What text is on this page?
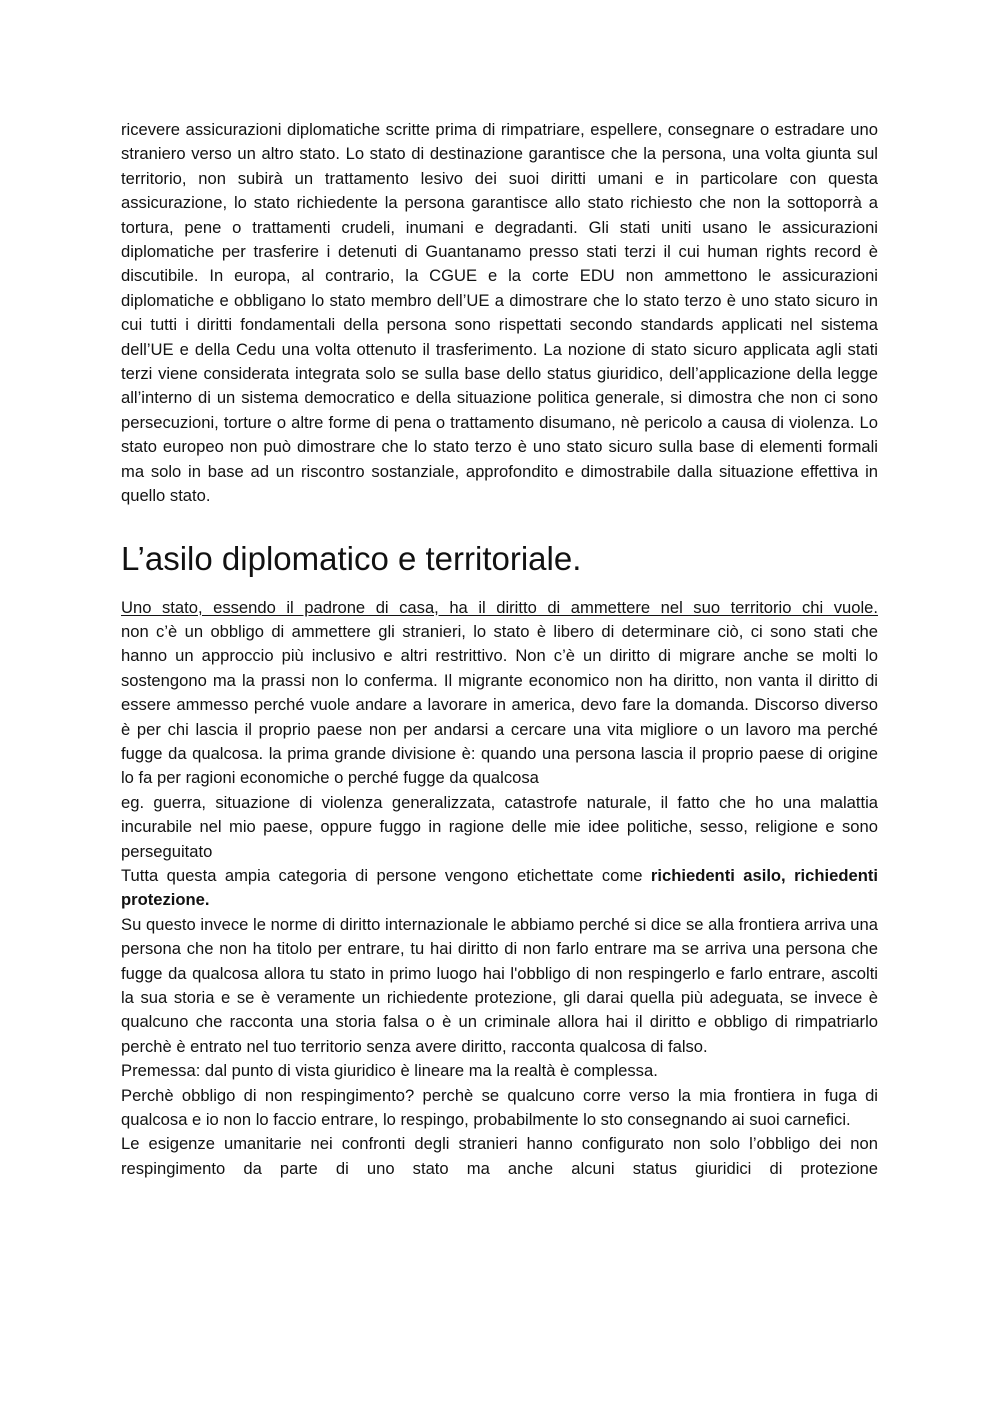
ricevere assicurazioni diplomatiche scritte prima di rimpatriare, espellere, consegnare o estradare uno straniero verso un altro stato. Lo stato di destinazione garantisce che la persona, una volta giunta sul territorio, non subirà un trattamento lesivo dei suoi diritti umani e in particolare con questa assicurazione, lo stato richiedente la persona garantisce allo stato richiesto che non la sottoporrà a tortura, pene o trattamenti crudeli, inumani e degradanti. Gli stati uniti usano le assicurazioni diplomatiche per trasferire i detenuti di Guantanamo presso stati terzi il cui human rights record è discutibile. In europa, al contrario, la CGUE e la corte EDU non ammettono le assicurazioni diplomatiche e obbligano lo stato membro dell’UE a dimostrare che lo stato terzo è uno stato sicuro in cui tutti i diritti fondamentali della persona sono rispettati secondo standards applicati nel sistema dell’UE e della Cedu una volta ottenuto il trasferimento. La nozione di stato sicuro applicata agli stati terzi viene considerata integrata solo se sulla base dello status giuridico, dell’applicazione della legge all’interno di un sistema democratico e della situazione politica generale, si dimostra che non ci sono persecuzioni, torture o altre forme di pena o trattamento disumano, nè pericolo a causa di violenza. Lo stato europeo non può dimostrare che lo stato terzo è uno stato sicuro sulla base di elementi formali ma solo in base ad un riscontro sostanziale, approfondito e dimostrabile dalla situazione effettiva in quello stato.

L’asilo diplomatico e territoriale.

Uno stato, essendo il padrone di casa, ha il diritto di ammettere nel suo territorio chi vuole.

non c’è un obbligo di ammettere gli stranieri, lo stato è libero di determinare ciò, ci sono stati che hanno un approccio più inclusivo e altri restrittivo. Non c’è un diritto di migrare anche se molti lo sostengono ma la prassi non lo conferma. Il migrante economico non ha diritto, non vanta il diritto di essere ammesso perché vuole andare a lavorare in america, devo fare la domanda. Discorso diverso è per chi lascia il proprio paese non per andarsi a cercare una vita migliore o un lavoro ma perché fugge da qualcosa. la prima grande divisione è: quando una persona lascia il proprio paese di origine lo fa per ragioni economiche o perché fugge da qualcosa

eg. guerra, situazione di violenza generalizzata, catastrofe naturale, il fatto che ho una malattia incurabile nel mio paese, oppure fuggo in ragione delle mie idee politiche, sesso, religione e sono perseguitato

Tutta questa ampia categoria di persone vengono etichettate come richiedenti asilo, richiedenti protezione.

Su questo invece le norme di diritto internazionale le abbiamo perché si dice se alla frontiera arriva una persona che non ha titolo per entrare, tu hai diritto di non farlo entrare ma se arriva una persona che fugge da qualcosa allora tu stato in primo luogo hai l'obbligo di non respingerlo e farlo entrare, ascolti la sua storia e se è veramente un richiedente protezione, gli darai quella più adeguata, se invece è qualcuno che racconta una storia falsa o è un criminale allora hai il diritto e obbligo di rimpatriarlo perchè è entrato nel tuo territorio senza avere diritto, racconta qualcosa di falso.

Premessa: dal punto di vista giuridico è lineare ma la realtà è complessa.

Perchè obbligo di non respingimento? perchè se qualcuno corre verso la mia frontiera in fuga di qualcosa e io non lo faccio entrare, lo respingo, probabilmente lo sto consegnando ai suoi carnefici.

Le esigenze umanitarie nei confronti degli stranieri hanno configurato non solo l’obbligo dei non respingimento da parte di uno stato ma anche alcuni status giuridici di protezione
